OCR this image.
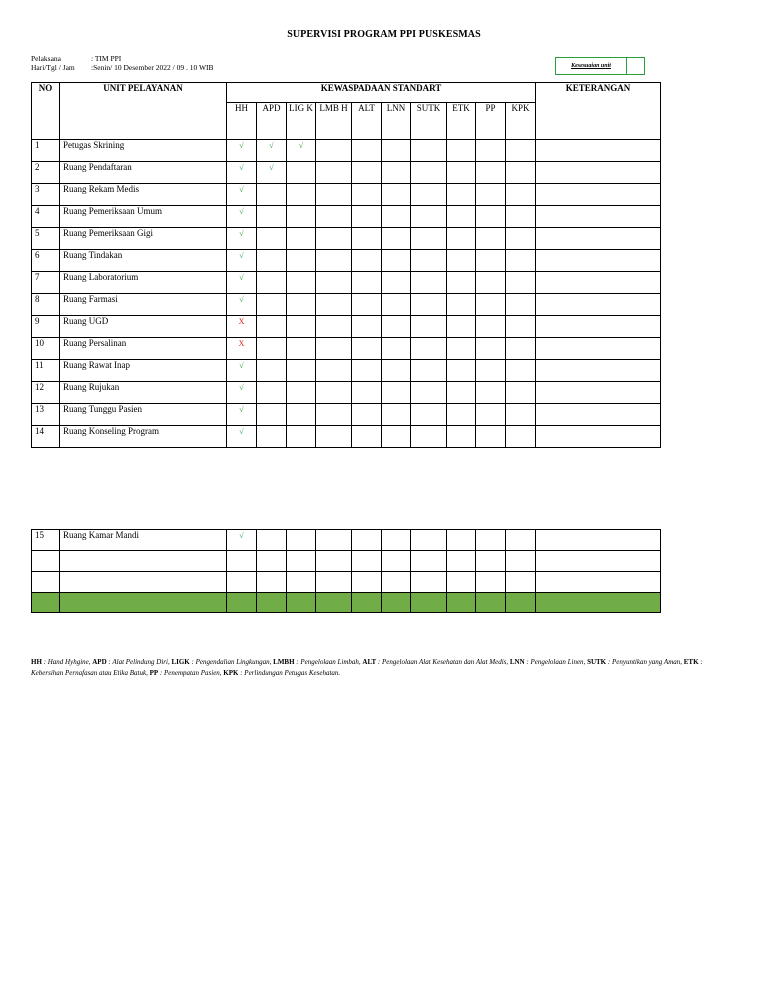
SUPERVISI PROGRAM PPI PUSKESMAS
Pelaksana	: TIM PPI
Hari/Tgl / Jam :Senin/ 10 Desember 2022 / 09 . 10 WIB	Kesesuaian unit
NO	UNIT PELAYANAN	KEWASPADAAN STANDART										KETERANGAN
		HH	APD	LIG K	LMB H	ALT	LNN	SUTK	ETK	PP	KPK	
1	Petugas Skrining	√	√	√								
2	Ruang Pendaftaran	√	√									
3	Ruang Rekam Medis	√										
4	Ruang Pemeriksaan Umum	√										
5	Ruang Pemeriksaan Gigi	√										
6	Ruang Tindakan	√										
7	Ruang Laboratorium	√										
8	Ruang Farmasi	√										
9	Ruang UGD	X										
10	Ruang Persalinan	X										
11	Ruang Rawat Inap	√										
12	Ruang Rujukan	√										
13	Ruang Tunggu Pasien	√										
14	Ruang Konseling Program	√										
15	Ruang Kamar Mandi	√										

HH : Hand Hyhgine, APD : Alat Pelindung Diri, LIGK : Pengendalian Lingkungan, LMBH : Pengelolaan Limbah, ALT : Pengelolaan Alat Kesehatan dan Alat Medis, LNN : Pengelolaan Linen, SUTK : Penyuntikan yang Aman, ETK : Kebersihan Pernafasan atau Etika Batuk, PP : Penempatan Pasien, KPK : Perlindungan Petugas Kesehatan.
